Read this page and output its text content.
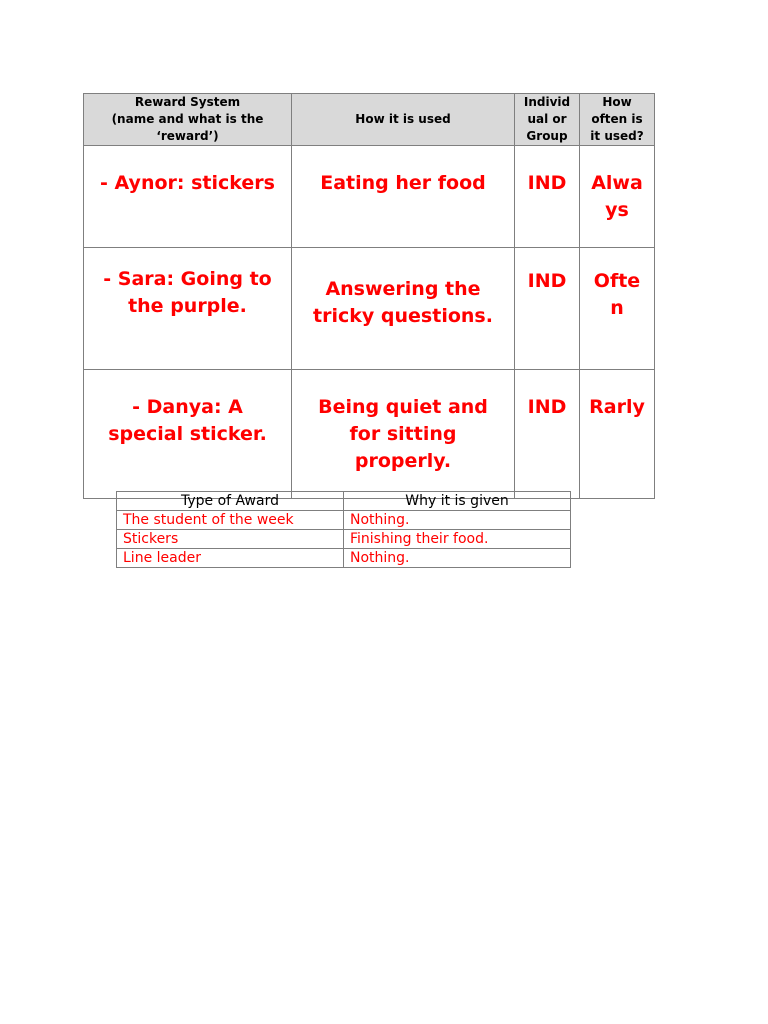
Reward System
(name and what is the
‘reward’)	How it is used	Individ
ual or
Group	How
often is
it used?

- Aynor: stickers	Eating her food	IND	Alwa
ys

- Sara: Going to
the purple.	Answering the
tricky questions.	IND	Ofte
n

- Danya: A
special sticker.	Being quiet and
for sitting
properly.	IND	Rarly
Type of Award	Why it is given
The student of the week	Nothing.
Stickers	Finishing their food.
Line leader	Nothing.
